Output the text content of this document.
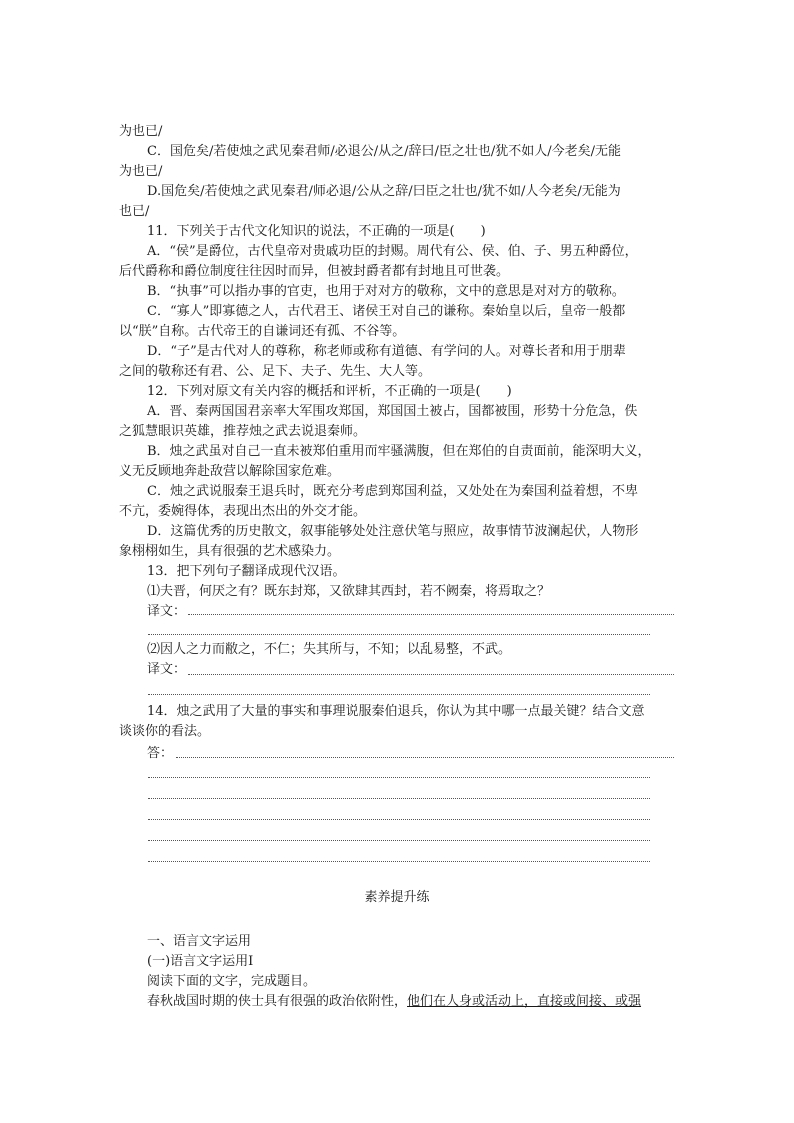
为也已/
C．国危矣/若使烛之武见秦君师/必退公/从之/辞曰/臣之壮也/犹不如人/今老矣/无能
为也已/
D.国危矣/若使烛之武见秦君/师必退/公从之辞/曰臣之壮也/犹不如/人今老矣/无能为
也已/
11．下列关于古代文化知识的说法，不正确的一项是(　　)
A．“侯”是爵位，古代皇帝对贵戚功臣的封赐。周代有公、侯、伯、子、男五种爵位，
后代爵称和爵位制度往往因时而异，但被封爵者都有封地且可世袭。
B．“执事”可以指办事的官吏，也用于对对方的敬称，文中的意思是对对方的敬称。
C．“寡人”即寡德之人，古代君王、诸侯王对自己的谦称。秦始皇以后，皇帝一般都
以“朕”自称。古代帝王的自谦词还有孤、不谷等。
D．“子”是古代对人的尊称，称老师或称有道德、有学问的人。对尊长者和用于朋辈
之间的敬称还有君、公、足下、夫子、先生、大人等。
12．下列对原文有关内容的概括和评析，不正确的一项是(　　)
A．晋、秦两国国君亲率大军围攻郑国，郑国国土被占，国都被围，形势十分危急，佚
之狐慧眼识英雄，推荐烛之武去说退秦师。
B．烛之武虽对自己一直未被郑伯重用而牢骚满腹，但在郑伯的自责面前，能深明大义，
义无反顾地奔赴敌营以解除国家危难。
C．烛之武说服秦王退兵时，既充分考虑到郑国利益，又处处在为秦国利益着想，不卑
不亢，委婉得体，表现出杰出的外交才能。
D．这篇优秀的历史散文，叙事能够处处注意伏笔与照应，故事情节波澜起伏，人物形
象栩栩如生，具有很强的艺术感染力。
13．把下列句子翻译成现代汉语。
⑴夫晋，何厌之有？既东封郑，又欲肆其西封，若不阙秦，将焉取之？
译文：
⑵因人之力而敝之，不仁；失其所与，不知；以乱易整，不武。
译文：
14．烛之武用了大量的事实和事理说服秦伯退兵，你认为其中哪一点最关键？结合文意
谈谈你的看法。
答：
素养提升练
一、语言文字运用
(一)语言文字运用Ⅰ
阅读下面的文字，完成题目。
春秋战国时期的侠士具有很强的政治依附性，他们在人身或活动上，直接或间接、或强
